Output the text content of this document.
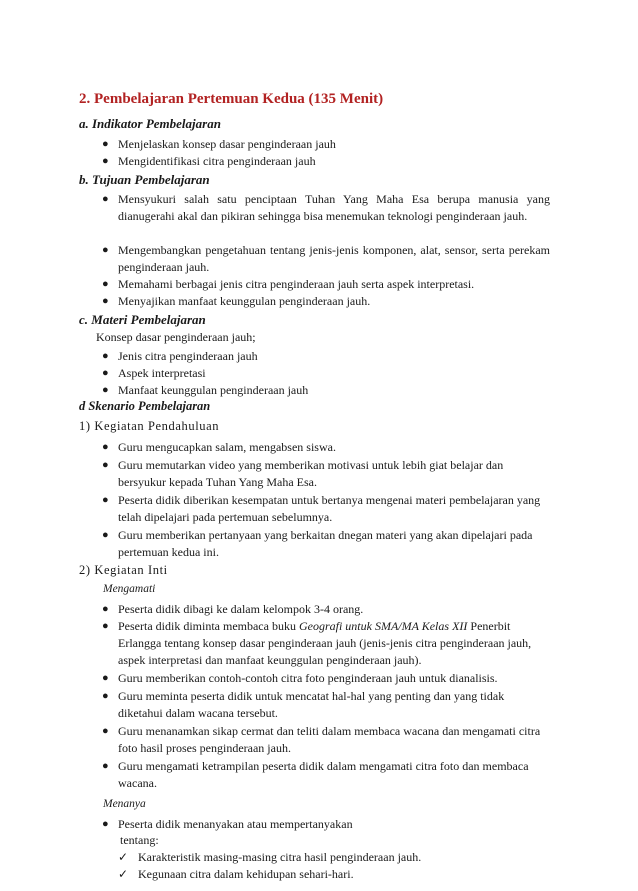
2. Pembelajaran Pertemuan Kedua (135 Menit)
a. Indikator Pembelajaran
● Menjelaskan konsep dasar penginderaan jauh
● Mengidentifikasi citra penginderaan jauh
b. Tujuan Pembelajaran
● Mensyukuri salah satu penciptaan Tuhan Yang Maha Esa berupa manusia yang dianugerahi akal dan pikiran sehingga bisa menemukan teknologi penginderaan jauh.
● Mengembangkan pengetahuan tentang jenis-jenis komponen, alat, sensor, serta perekam penginderaan jauh.
● Memahami berbagai jenis citra penginderaan jauh serta aspek interpretasi.
● Menyajikan manfaat keunggulan penginderaan jauh.
c. Materi Pembelajaran
Konsep dasar penginderaan jauh;
● Jenis citra penginderaan jauh
● Aspek interpretasi
● Manfaat keunggulan penginderaan jauh
d Skenario Pembelajaran
1) Kegiatan Pendahuluan
● Guru mengucapkan salam, mengabsen siswa.
● Guru memutarkan video yang memberikan motivasi untuk lebih giat belajar dan bersyukur kepada Tuhan Yang Maha Esa.
● Peserta didik diberikan kesempatan untuk bertanya mengenai materi pembelajaran yang telah dipelajari pada pertemuan sebelumnya.
● Guru memberikan pertanyaan yang berkaitan dnegan materi yang akan dipelajari pada pertemuan kedua ini.
2) Kegiatan Inti
Mengamati
● Peserta didik dibagi ke dalam kelompok 3-4 orang.
● Peserta didik diminta membaca buku Geografi untuk SMA/MA Kelas XII Penerbit Erlangga tentang konsep dasar penginderaan jauh (jenis-jenis citra penginderaan jauh, aspek interpretasi dan manfaat keunggulan penginderaan jauh).
● Guru memberikan contoh-contoh citra foto penginderaan jauh untuk dianalisis.
● Guru meminta peserta didik untuk mencatat hal-hal yang penting dan yang tidak diketahui dalam wacana tersebut.
● Guru menanamkan sikap cermat dan teliti dalam membaca wacana dan mengamati citra foto hasil proses penginderaan jauh.
● Guru mengamati ketrampilan peserta didik dalam mengamati citra foto dan membaca wacana.
Menanya
● Peserta didik menanyakan atau mempertanyakan
tentang:
✓ Karakteristik masing-masing citra hasil penginderaan jauh.
✓ Kegunaan citra dalam kehidupan sehari-hari.
